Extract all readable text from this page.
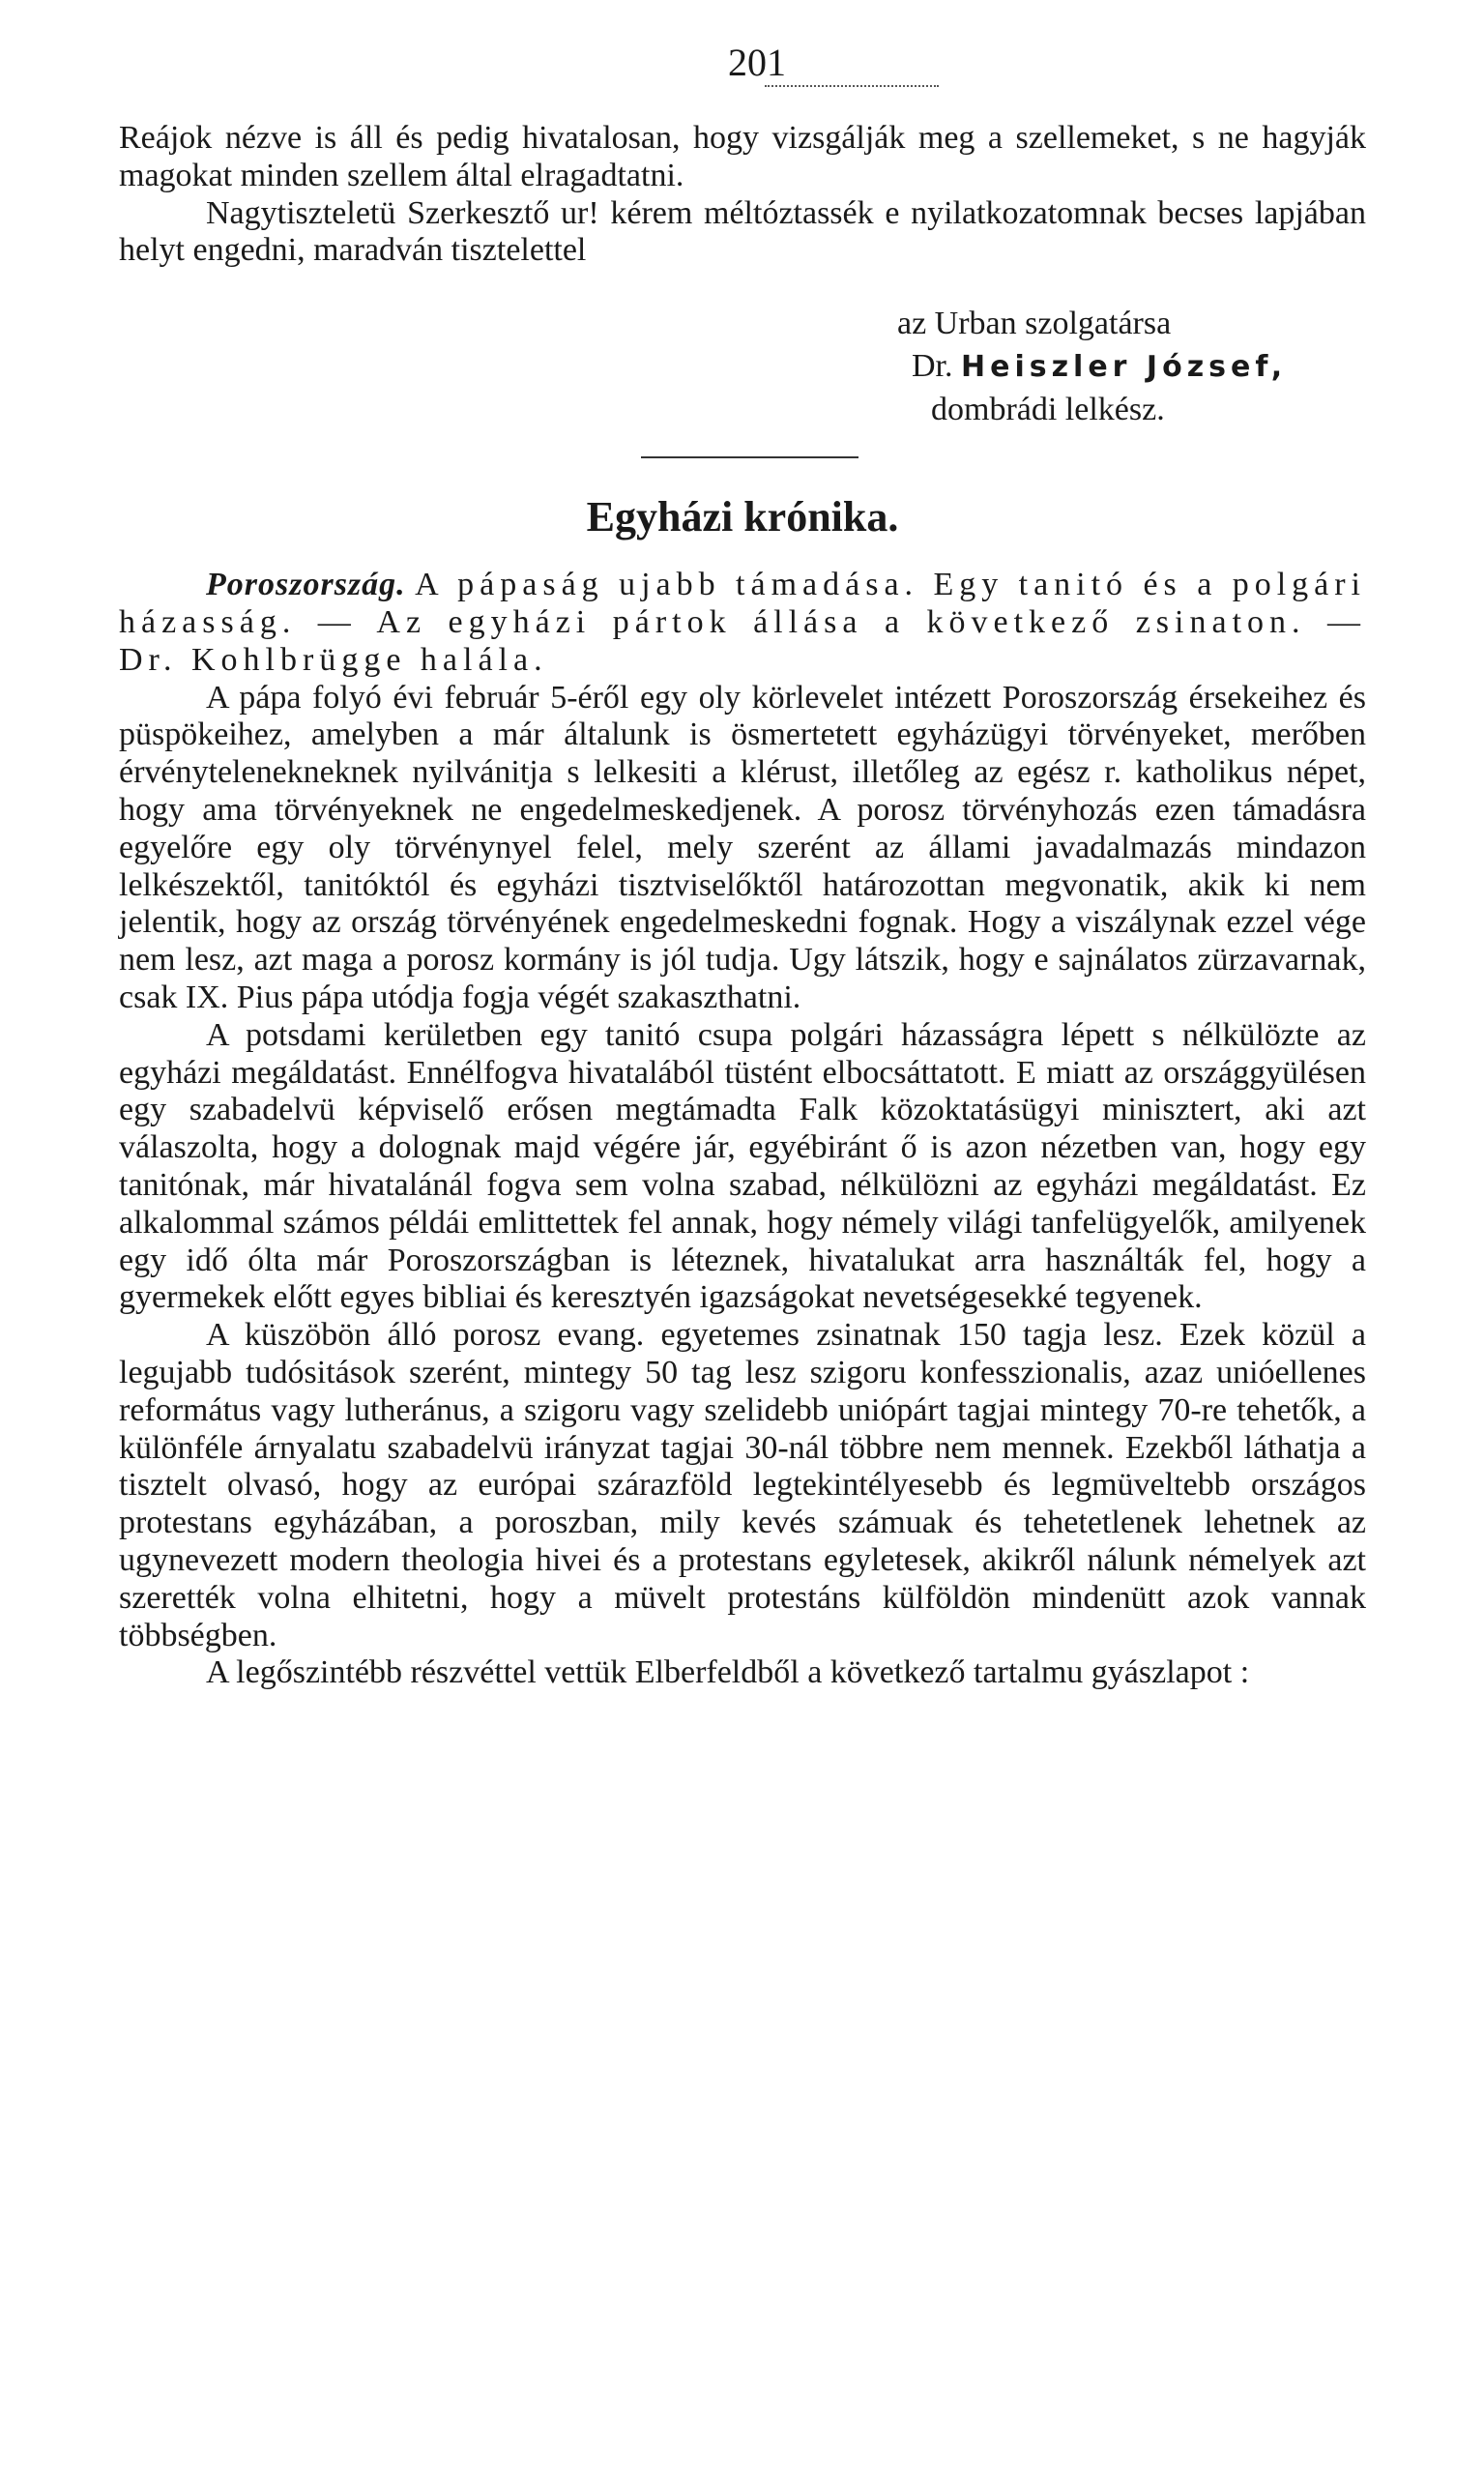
201

Reájok nézve is áll és pedig hivatalosan, hogy vizsgálják meg a szellemeket, s ne hagyják magokat minden szellem által elragadtatni.

Nagytiszteletü Szerkesztő ur! kérem méltóztassék e nyilatkozatomnak becses lapjában helyt engedni, maradván tisztelettel

az Urban szolgatársa
Dr. Heiszler József,
dombrádi lelkész.
Egyházi krónika.

Poroszország. A pápaság ujabb támadása. Egy tanitó és a polgári házasság. — Az egyházi pártok állása a következő zsinaton. — Dr. Kohlbrügge halála.

A pápa folyó évi február 5-éről egy oly körlevelet intézett Poroszország érsekeihez és püspökeihez, amelyben a már általunk is ösmertetett egyházügyi törvényeket, merőben érvénytelenekneknek nyilvánitja s lelkesiti a klérust, illetőleg az egész r. katholikus népet, hogy ama törvényeknek ne engedelmeskedjenek. A porosz törvényhozás ezen támadásra egyelőre egy oly törvénynyel felel, mely szerént az állami javadalmazás mindazon lelkészektől, tanitóktól és egyházi tisztviselőktől határozottan megvonatik, akik ki nem jelentik, hogy az ország törvényének engedelmeskedni fognak. Hogy a viszálynak ezzel vége nem lesz, azt maga a porosz kormány is jól tudja. Ugy látszik, hogy e sajnálatos zürzavarnak, csak IX. Pius pápa utódja fogja végét szakaszthatni.

A potsdami kerületben egy tanitó csupa polgári házasságra lépett s nélkülözte az egyházi megáldatást. Ennélfogva hivatalából tüstént elbocsáttatott. E miatt az országgyülésen egy szabadelvü képviselő erősen megtámadta Falk közoktatásügyi minisztert, aki azt válaszolta, hogy a dolognak majd végére jár, egyébiránt ő is azon nézetben van, hogy egy tanitónak, már hivatalánál fogva sem volna szabad, nélkülözni az egyházi megáldatást. Ez alkalommal számos példái emlittettek fel annak, hogy némely világi tanfelügyelők, amilyenek egy idő ólta már Poroszországban is léteznek, hivatalukat arra használták fel, hogy a gyermekek előtt egyes bibliai és keresztyén igazságokat nevetségesekké tegyenek.

A küszöbön álló porosz evang. egyetemes zsinatnak 150 tagja lesz. Ezek közül a legujabb tudósitások szerént, mintegy 50 tag lesz szigoru konfesszionalis, azaz unióellenes református vagy lutheránus, a szigoru vagy szelidebb uniópárt tagjai mintegy 70-re tehetők, a különféle árnyalatu szabadelvü irányzat tagjai 30-nál többre nem mennek. Ezekből láthatja a tisztelt olvasó, hogy az európai szárazföld legtekintélyesebb és legmüveltebb országos protestans egyházában, a poroszban, mily kevés számuak és tehetetlenek lehetnek az ugynevezett modern theologia hivei és a protestans egyletesek, akikről nálunk némelyek azt szerették volna elhitetni, hogy a müvelt protestáns külföldön mindenütt azok vannak többségben.

A legőszintébb részvéttel vettük Elberfeldből a következő tartalmu gyászlapot :
